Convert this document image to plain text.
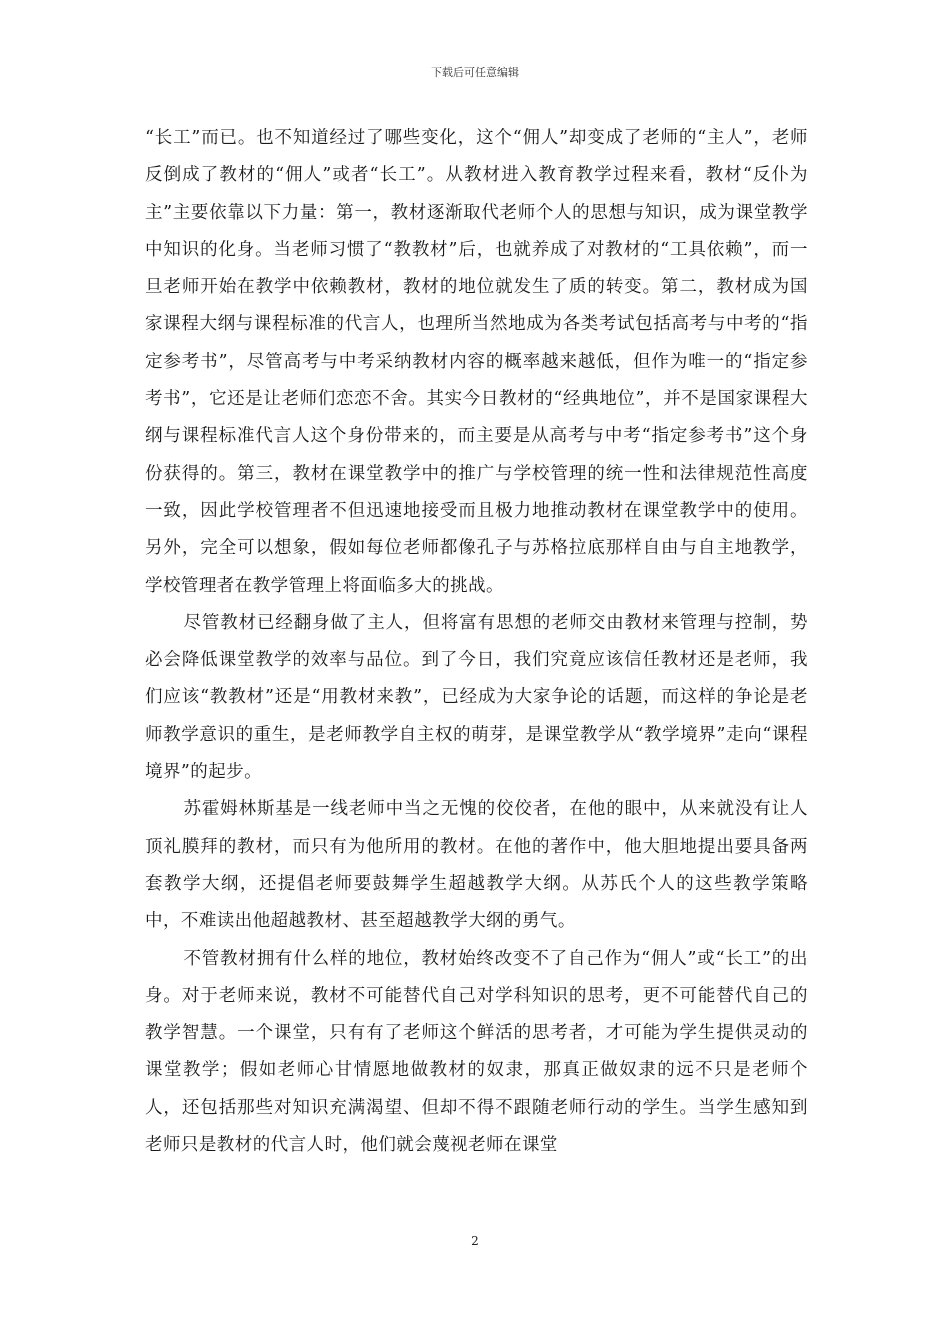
下载后可任意编辑

“长工”而已。也不知道经过了哪些变化，这个“佣人”却变成了老师的“主人”，老师反倒成了教材的“佣人”或者“长工”。从教材进入教育教学过程来看，教材“反仆为主”主要依靠以下力量：第一，教材逐渐取代老师个人的思想与知识，成为课堂教学中知识的化身。当老师习惯了“教教材”后，也就养成了对教材的“工具依赖”，而一旦老师开始在教学中依赖教材，教材的地位就发生了质的转变。第二，教材成为国家课程大纲与课程标准的代言人，也理所当然地成为各类考试包括高考与中考的“指定参考书”，尽管高考与中考采纳教材内容的概率越来越低，但作为唯一的“指定参考书”，它还是让老师们恋恋不舍。其实今日教材的“经典地位”，并不是国家课程大纲与课程标准代言人这个身份带来的，而主要是从高考与中考“指定参考书”这个身份获得的。第三，教材在课堂教学中的推广与学校管理的统一性和法律规范性高度一致，因此学校管理者不但迅速地接受而且极力地推动教材在课堂教学中的使用。另外，完全可以想象，假如每位老师都像孔子与苏格拉底那样自由与自主地教学，学校管理者在教学管理上将面临多大的挑战。

尽管教材已经翻身做了主人，但将富有思想的老师交由教材来管理与控制，势必会降低课堂教学的效率与品位。到了今日，我们究竟应该信任教材还是老师，我们应该“教教材”还是“用教材来教”，已经成为大家争论的话题，而这样的争论是老师教学意识的重生，是老师教学自主权的萌芽，是课堂教学从“教学境界”走向“课程境界”的起步。

苏霍姆林斯基是一线老师中当之无愧的佼佼者，在他的眼中，从来就没有让人顶礼膜拜的教材，而只有为他所用的教材。在他的著作中，他大胆地提出要具备两套教学大纲，还提倡老师要鼓舞学生超越教学大纲。从苏氏个人的这些教学策略中，不难读出他超越教材、甚至超越教学大纲的勇气。

不管教材拥有什么样的地位，教材始终改变不了自己作为“佣人”或“长工”的出身。对于老师来说，教材不可能替代自己对学科知识的思考，更不可能替代自己的教学智慧。一个课堂，只有有了老师这个鲜活的思考者，才可能为学生提供灵动的课堂教学；假如老师心甘情愿地做教材的奴隶，那真正做奴隶的远不只是老师个人，还包括那些对知识充满渴望、但却不得不跟随老师行动的学生。当学生感知到老师只是教材的代言人时，他们就会蔑视老师在课堂

2
